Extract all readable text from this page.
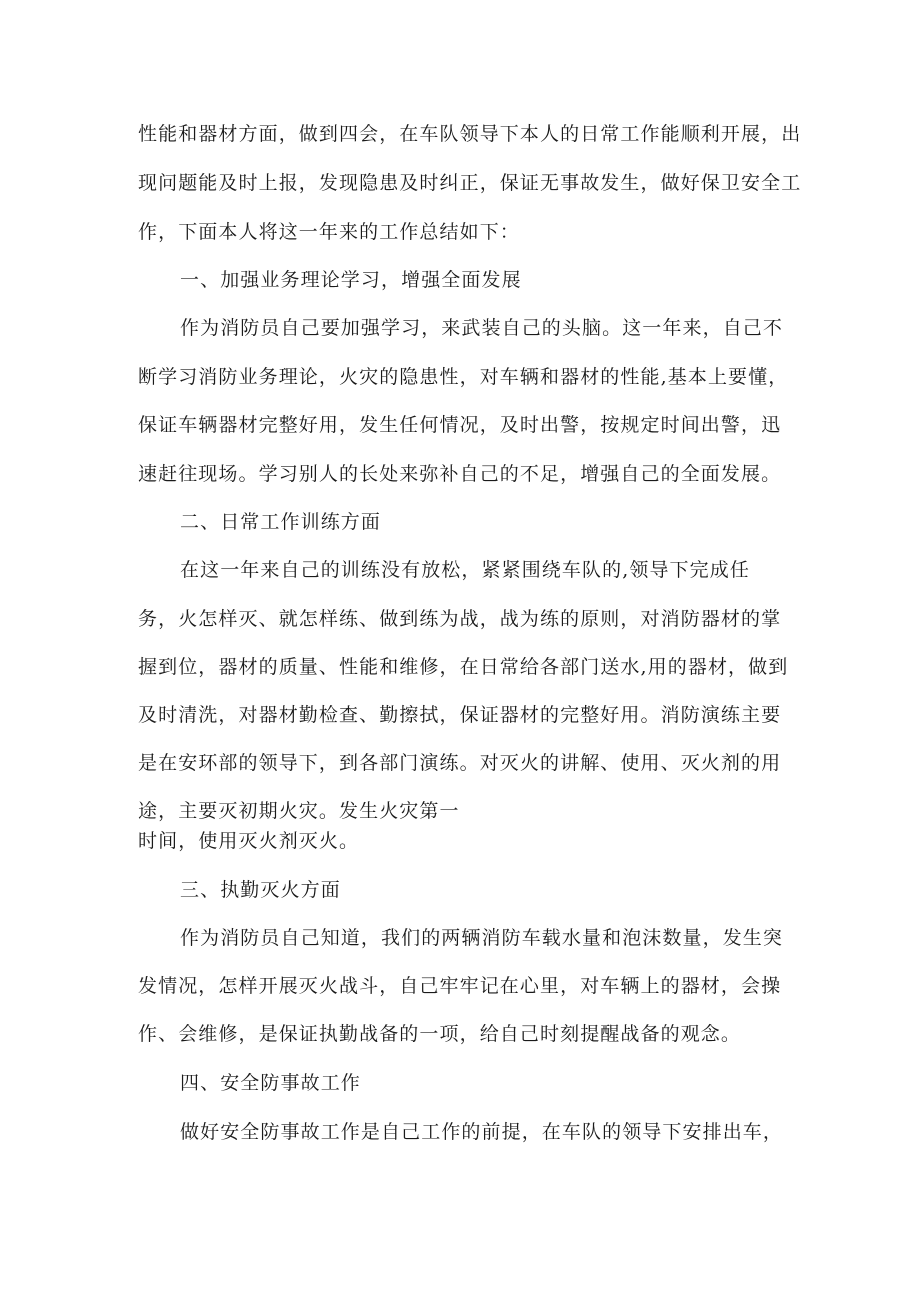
性能和器材方面，做到四会，在车队领导下本人的日常工作能顺利开展，出
现问题能及时上报，发现隐患及时纠正，保证无事故发生，做好保卫安全工
作，下面本人将这一年来的工作总结如下：
一、加强业务理论学习，增强全面发展
作为消防员自己要加强学习，来武装自己的头脑。这一年来，自己不
断学习消防业务理论，火灾的隐患性，对车辆和器材的性能,基本上要懂，
保证车辆器材完整好用，发生任何情况，及时出警，按规定时间出警，迅
速赶往现场。学习别人的长处来弥补自己的不足，增强自己的全面发展。
二、日常工作训练方面
在这一年来自己的训练没有放松，紧紧围绕车队的,领导下完成任
务，火怎样灭、就怎样练、做到练为战，战为练的原则，对消防器材的掌
握到位，器材的质量、性能和维修，在日常给各部门送水,用的器材，做到
及时清洗，对器材勤检查、勤擦拭，保证器材的完整好用。消防演练主要
是在安环部的领导下，到各部门演练。对灭火的讲解、使用、灭火剂的用
途，主要灭初期火灾。发生火灾第一
时间，使用灭火剂灭火。
三、执勤灭火方面
作为消防员自己知道，我们的两辆消防车载水量和泡沫数量，发生突
发情况，怎样开展灭火战斗，自己牢牢记在心里，对车辆上的器材，会操
作、会维修，是保证执勤战备的一项，给自己时刻提醒战备的观念。
四、安全防事故工作
做好安全防事故工作是自己工作的前提，在车队的领导下安排出车，
